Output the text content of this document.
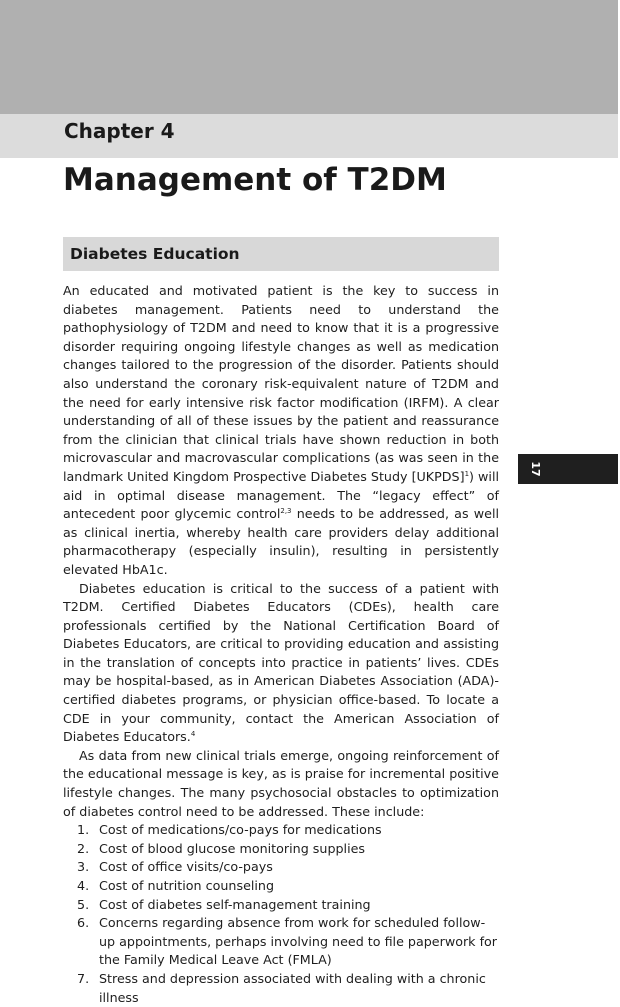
Chapter 4
Management of T2DM
Diabetes Education

An educated and motivated patient is the key to success in diabetes management. Patients need to understand the pathophysiology of T2DM and need to know that it is a progressive disorder requiring ongoing lifestyle changes as well as medication changes tailored to the progression of the disorder. Patients should also understand the coronary risk-equivalent nature of T2DM and the need for early intensive risk factor modification (IRFM). A clear understanding of all of these issues by the patient and reassurance from the clinician that clinical trials have shown reduction in both microvascular and macrovascular complications (as was seen in the landmark United Kingdom Prospective Diabetes Study [UKPDS]$^1$) will aid in optimal disease management. The “legacy effect” of antecedent poor glycemic control$^{2,3}$ needs to be addressed, as well as clinical inertia, whereby health care providers delay additional pharmacotherapy (especially insulin), resulting in persistently elevated HbA1c.

Diabetes education is critical to the success of a patient with T2DM. Certified Diabetes Educators (CDEs), health care professionals certified by the National Certification Board of Diabetes Educators, are critical to providing education and assisting in the translation of concepts into practice in patients’ lives. CDEs may be hospital-based, as in American Diabetes Association (ADA)-certified diabetes programs, or physician office-based. To locate a CDE in your community, contact the American Association of Diabetes Educators.$^4$

As data from new clinical trials emerge, ongoing reinforcement of the educational message is key, as is praise for incremental positive lifestyle changes. The many psychosocial obstacles to optimization of diabetes control need to be addressed. These include:

1. Cost of medications/co-pays for medications
2. Cost of blood glucose monitoring supplies
3. Cost of office visits/co-pays
4. Cost of nutrition counseling
5. Cost of diabetes self-management training
6. Concerns regarding absence from work for scheduled follow-up appointments, perhaps involving need to file paperwork for the Family Medical Leave Act (FMLA)
7. Stress and depression associated with dealing with a chronic illness
17
